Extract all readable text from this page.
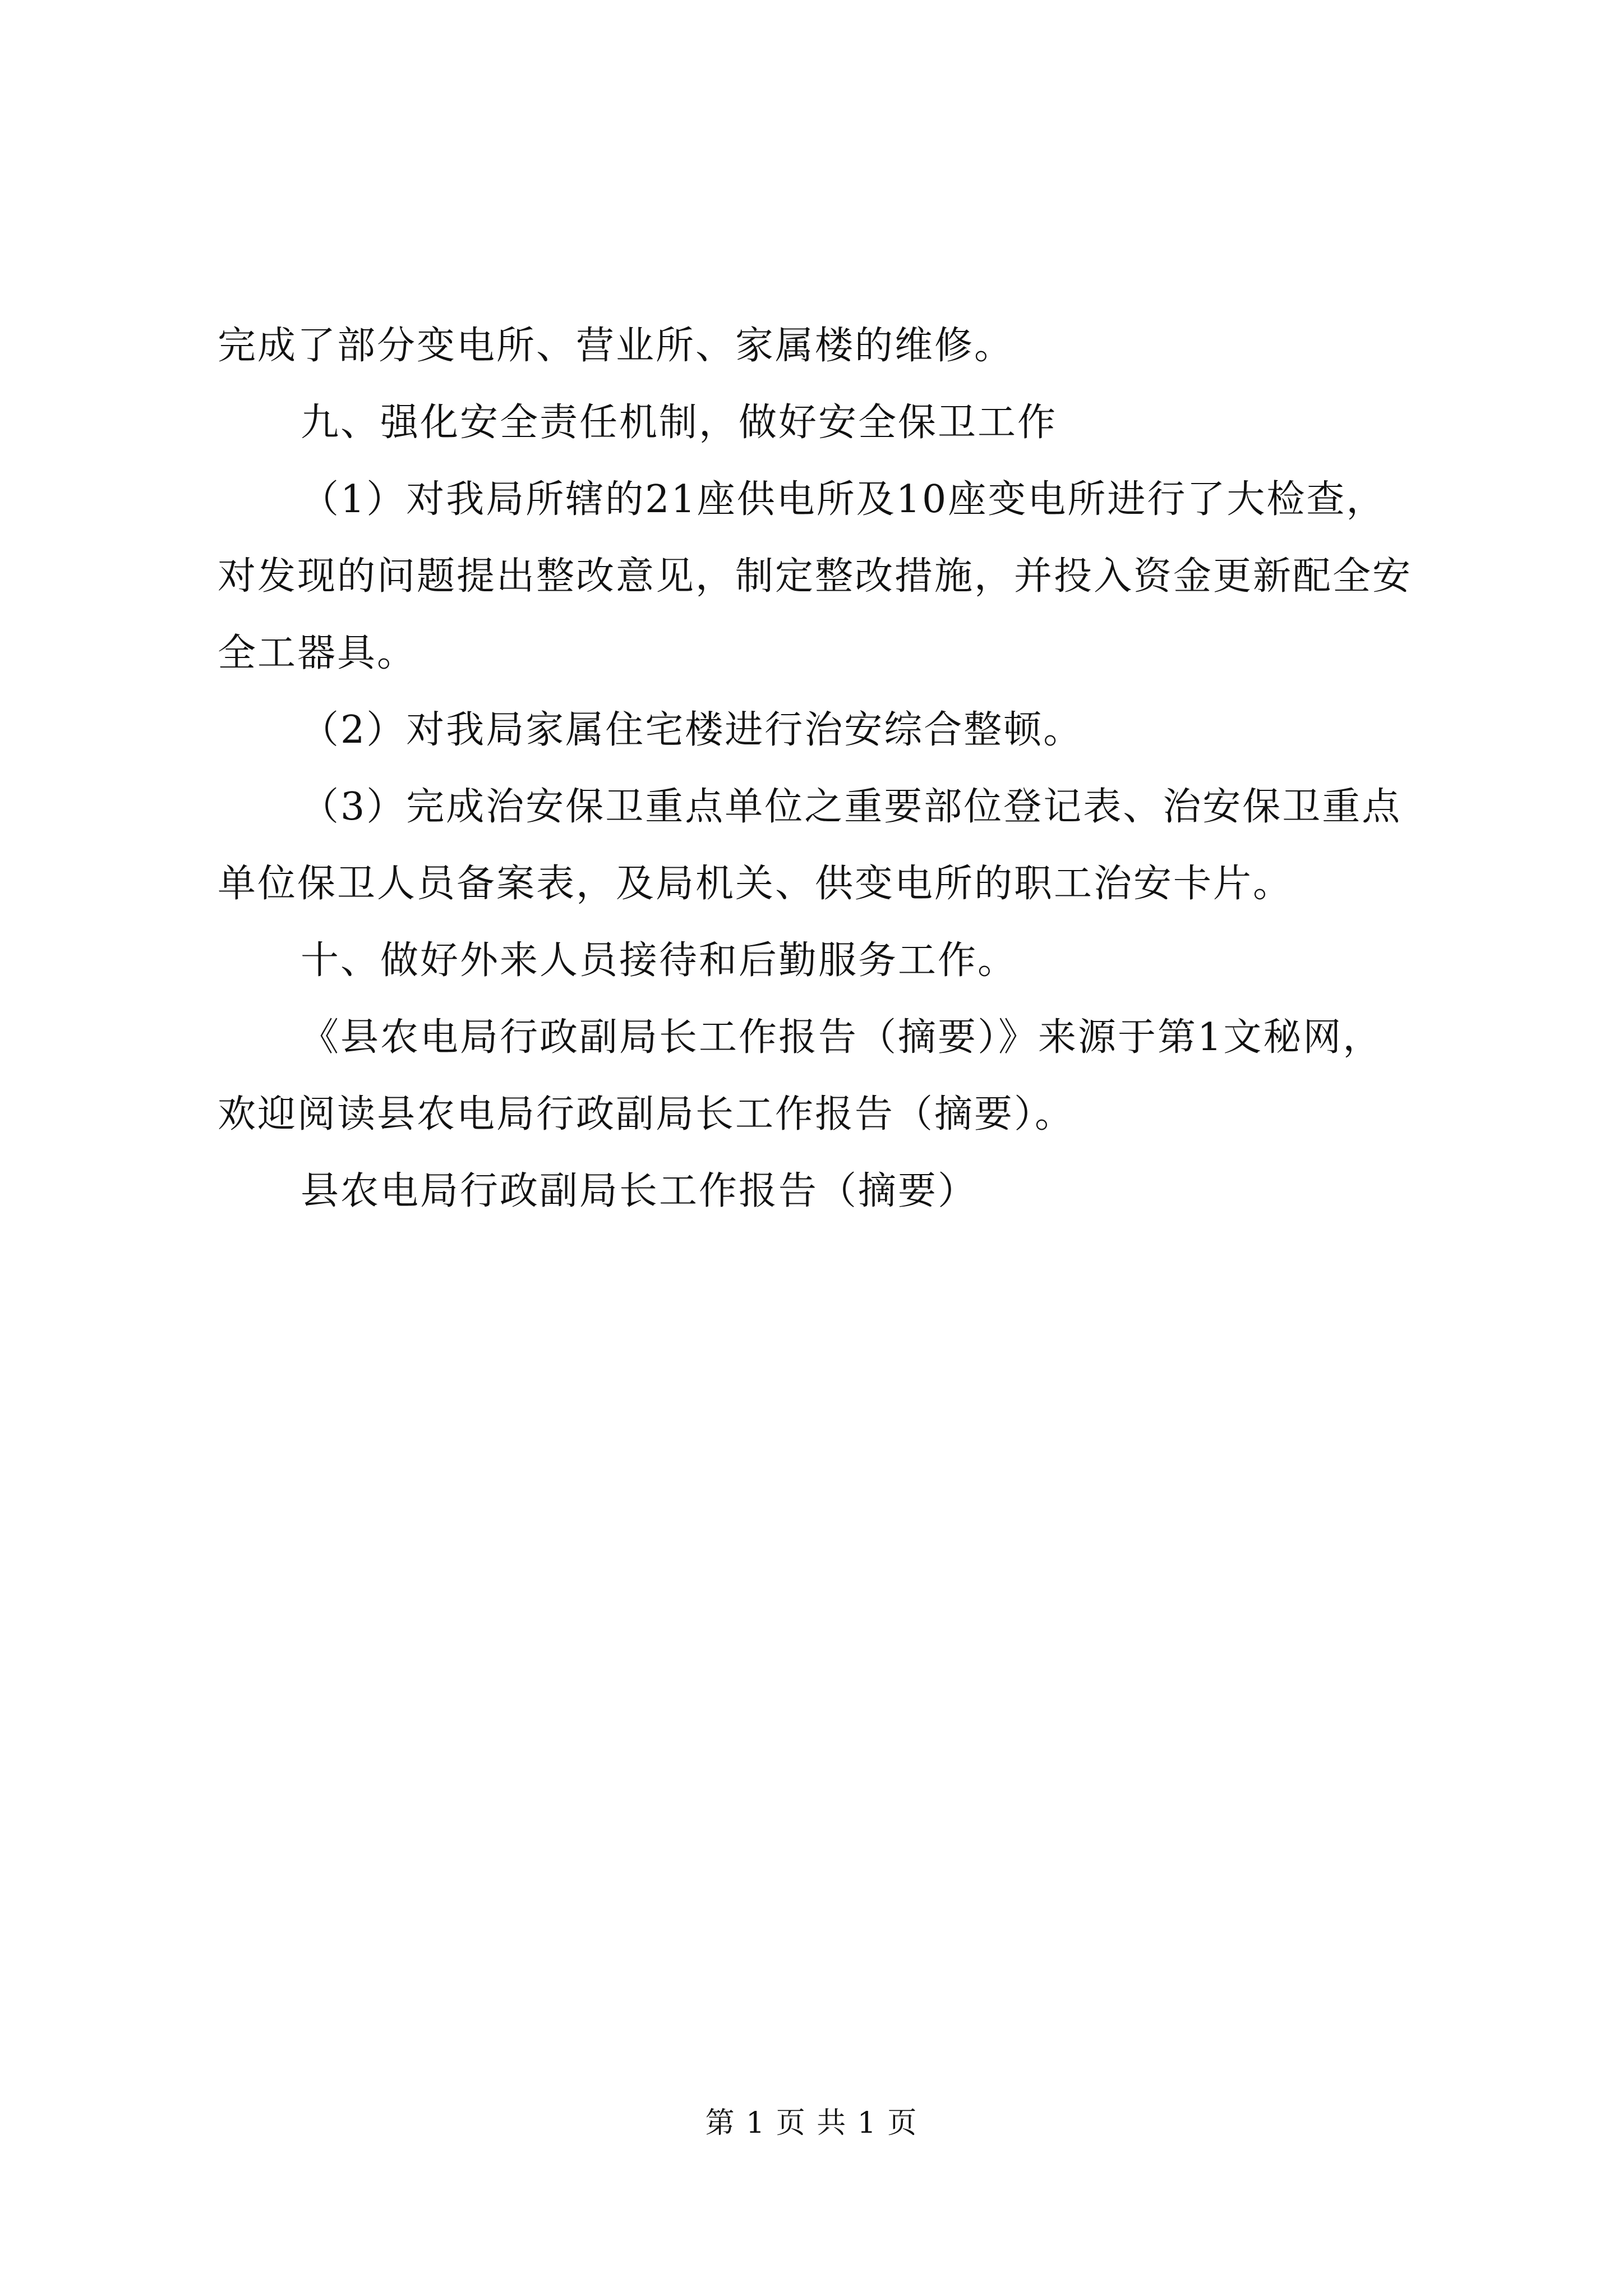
完成了部分变电所、营业所、家属楼的维修。

九、强化安全责任机制，做好安全保卫工作

（1）对我局所辖的21座供电所及10座变电所进行了大检查，对发现的问题提出整改意见，制定整改措施，并投入资金更新配全安全工器具。

（2）对我局家属住宅楼进行治安综合整顿。

（3）完成治安保卫重点单位之重要部位登记表、治安保卫重点单位保卫人员备案表，及局机关、供变电所的职工治安卡片。

十、做好外来人员接待和后勤服务工作。

《县农电局行政副局长工作报告（摘要）》来源于第1文秘网，欢迎阅读县农电局行政副局长工作报告（摘要）。

县农电局行政副局长工作报告（摘要）

第 1 页 共 1 页
